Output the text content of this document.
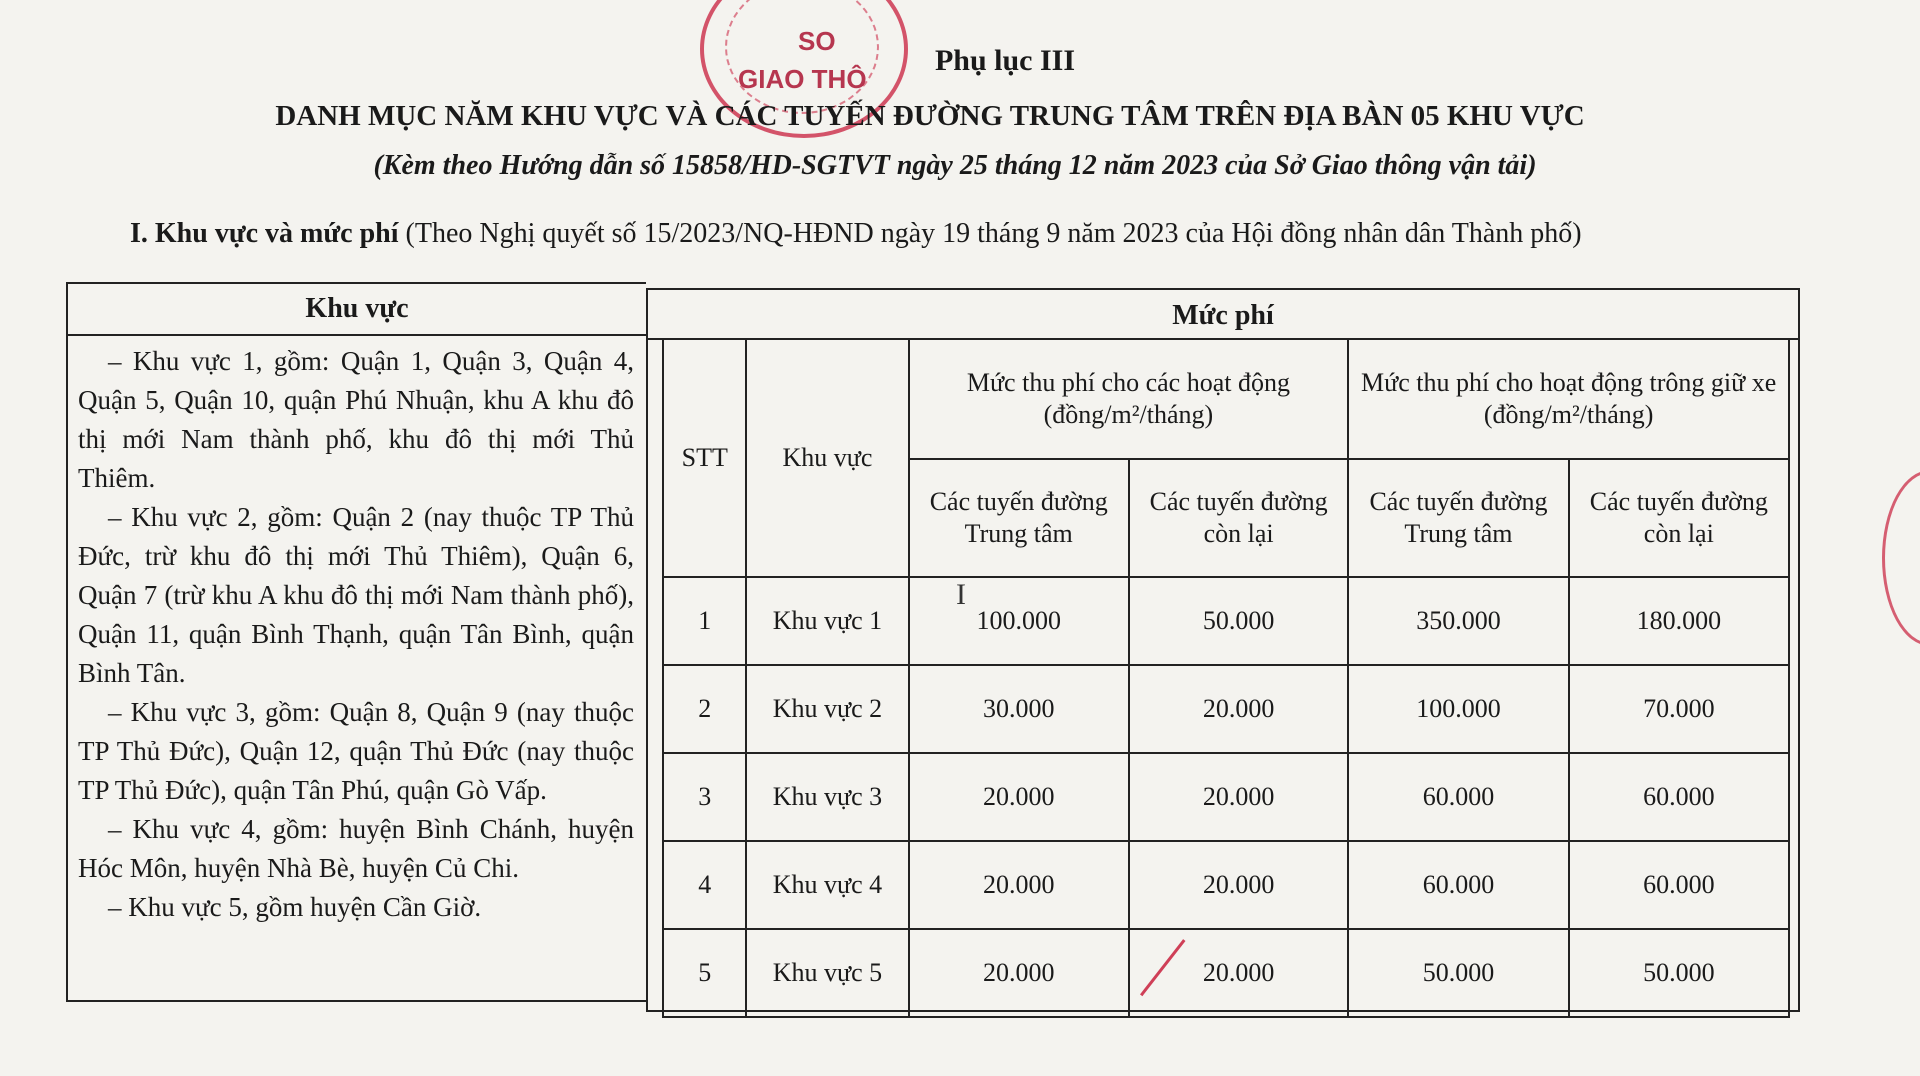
SO
GIAO THÔ
Phụ lục III
DANH MỤC NĂM KHU VỰC VÀ CÁC TUYẾN ĐƯỜNG TRUNG TÂM TRÊN ĐỊA BÀN 05 KHU VỰC
(Kèm theo Hướng dẫn số 15858/HD-SGTVT ngày 25 tháng 12 năm 2023 của Sở Giao thông vận tải)
I. Khu vực và mức phí (Theo Nghị quyết số 15/2023/NQ-HĐND ngày 19 tháng 9 năm 2023 của Hội đồng nhân dân Thành phố)
Khu vực

– Khu vực 1, gồm: Quận 1, Quận 3, Quận 4, Quận 5, Quận 10, quận Phú Nhuận, khu A khu đô thị mới Nam thành phố, khu đô thị mới Thủ Thiêm.

– Khu vực 2, gồm: Quận 2 (nay thuộc TP Thủ Đức, trừ khu đô thị mới Thủ Thiêm), Quận 6, Quận 7 (trừ khu A khu đô thị mới Nam thành phố), Quận 11, quận Bình Thạnh, quận Tân Bình, quận Bình Tân.

– Khu vực 3, gồm: Quận 8, Quận 9 (nay thuộc TP Thủ Đức), Quận 12, quận Thủ Đức (nay thuộc TP Thủ Đức), quận Tân Phú, quận Gò Vấp.

– Khu vực 4, gồm: huyện Bình Chánh, huyện Hóc Môn, huyện Nhà Bè, huyện Củ Chi.

– Khu vực 5, gồm huyện Cần Giờ.

Mức phí
STT	Khu vực	Mức thu phí cho các hoạt động (đồng/m²/tháng)		Mức thu phí cho hoạt động trông giữ xe (đồng/m²/tháng)	
		Các tuyến đường Trung tâm	Các tuyến đường còn lại	Các tuyến đường Trung tâm	Các tuyến đường còn lại
1	Khu vực 1	100.000	50.000	350.000	180.000
2	Khu vực 2	30.000	20.000	100.000	70.000
3	Khu vực 3	20.000	20.000	60.000	60.000
4	Khu vực 4	20.000	20.000	60.000	60.000
5	Khu vực 5	20.000	20.000	50.000	50.000
I
